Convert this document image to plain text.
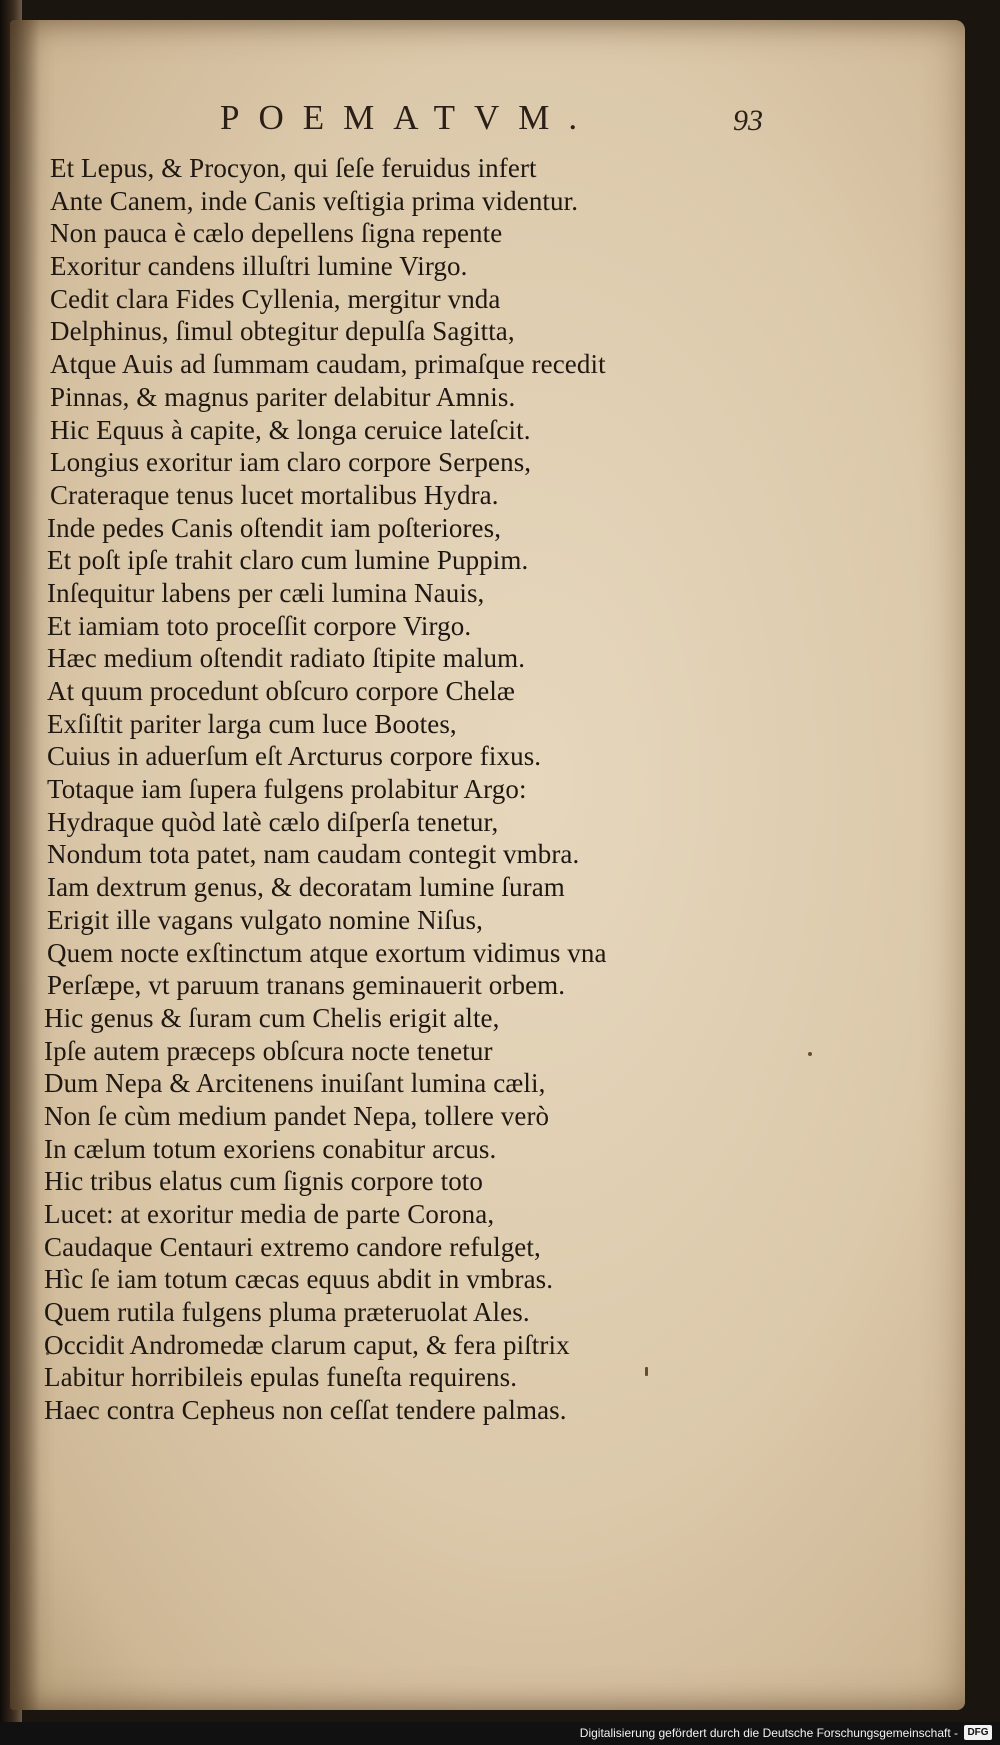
POEMATVM.	93
Et Lepus, & Procyon, qui ſeſe feruidus infert
Ante Canem, inde Canis veſtigia prima videntur.
Non pauca è cælo depellens ſigna repente
Exoritur candens illuſtri lumine Virgo.
Cedit clara Fides Cyllenia, mergitur vnda
Delphinus, ſimul obtegitur depulſa Sagitta,
Atque Auis ad ſummam caudam, primaſque recedit
Pinnas, & magnus pariter delabitur Amnis.
Hic Equus à capite, & longa ceruice lateſcit.
Longius exoritur iam claro corpore Serpens,
Crateraque tenus lucet mortalibus Hydra.
Inde pedes Canis oſtendit iam poſteriores,
Et poſt ipſe trahit claro cum lumine Puppim.
Inſequitur labens per cæli lumina Nauis,
Et iamiam toto proceſſit corpore Virgo.
Hæc medium oſtendit radiato ſtipite malum.
At quum procedunt obſcuro corpore Chelæ
Exſiſtit pariter larga cum luce Bootes,
Cuius in aduerſum eſt Arcturus corpore fixus.
Totaque iam ſupera fulgens prolabitur Argo:
Hydraque quòd latè cælo diſperſa tenetur,
Nondum tota patet, nam caudam contegit vmbra.
Iam dextrum genus, & decoratam lumine ſuram
Erigit ille vagans vulgato nomine Niſus,
Quem nocte exſtinctum atque exortum vidimus vna
Perſæpe, vt paruum tranans geminauerit orbem.
Hic genus & ſuram cum Chelis erigit alte,
Ipſe autem præceps obſcura nocte tenetur
Dum Nepa & Arcitenens inuiſant lumina cæli,
Non ſe cùm medium pandet Nepa, tollere verò
In cælum totum exoriens conabitur arcus.
Hic tribus elatus cum ſignis corpore toto
Lucet: at exoritur media de parte Corona,
Caudaque Centauri extremo candore refulget,
Hìc ſe iam totum cæcas equus abdit in vmbras.
Quem rutila fulgens pluma præteruolat Ales.
Occidit Andromedæ clarum caput, & fera piſtrix
Labitur horribileis epulas funeſta requirens.
Haec contra Cepheus non ceſſat tendere palmas.
Digitalisierung gefördert durch die Deutsche Forschungsgemeinschaft - DFG
